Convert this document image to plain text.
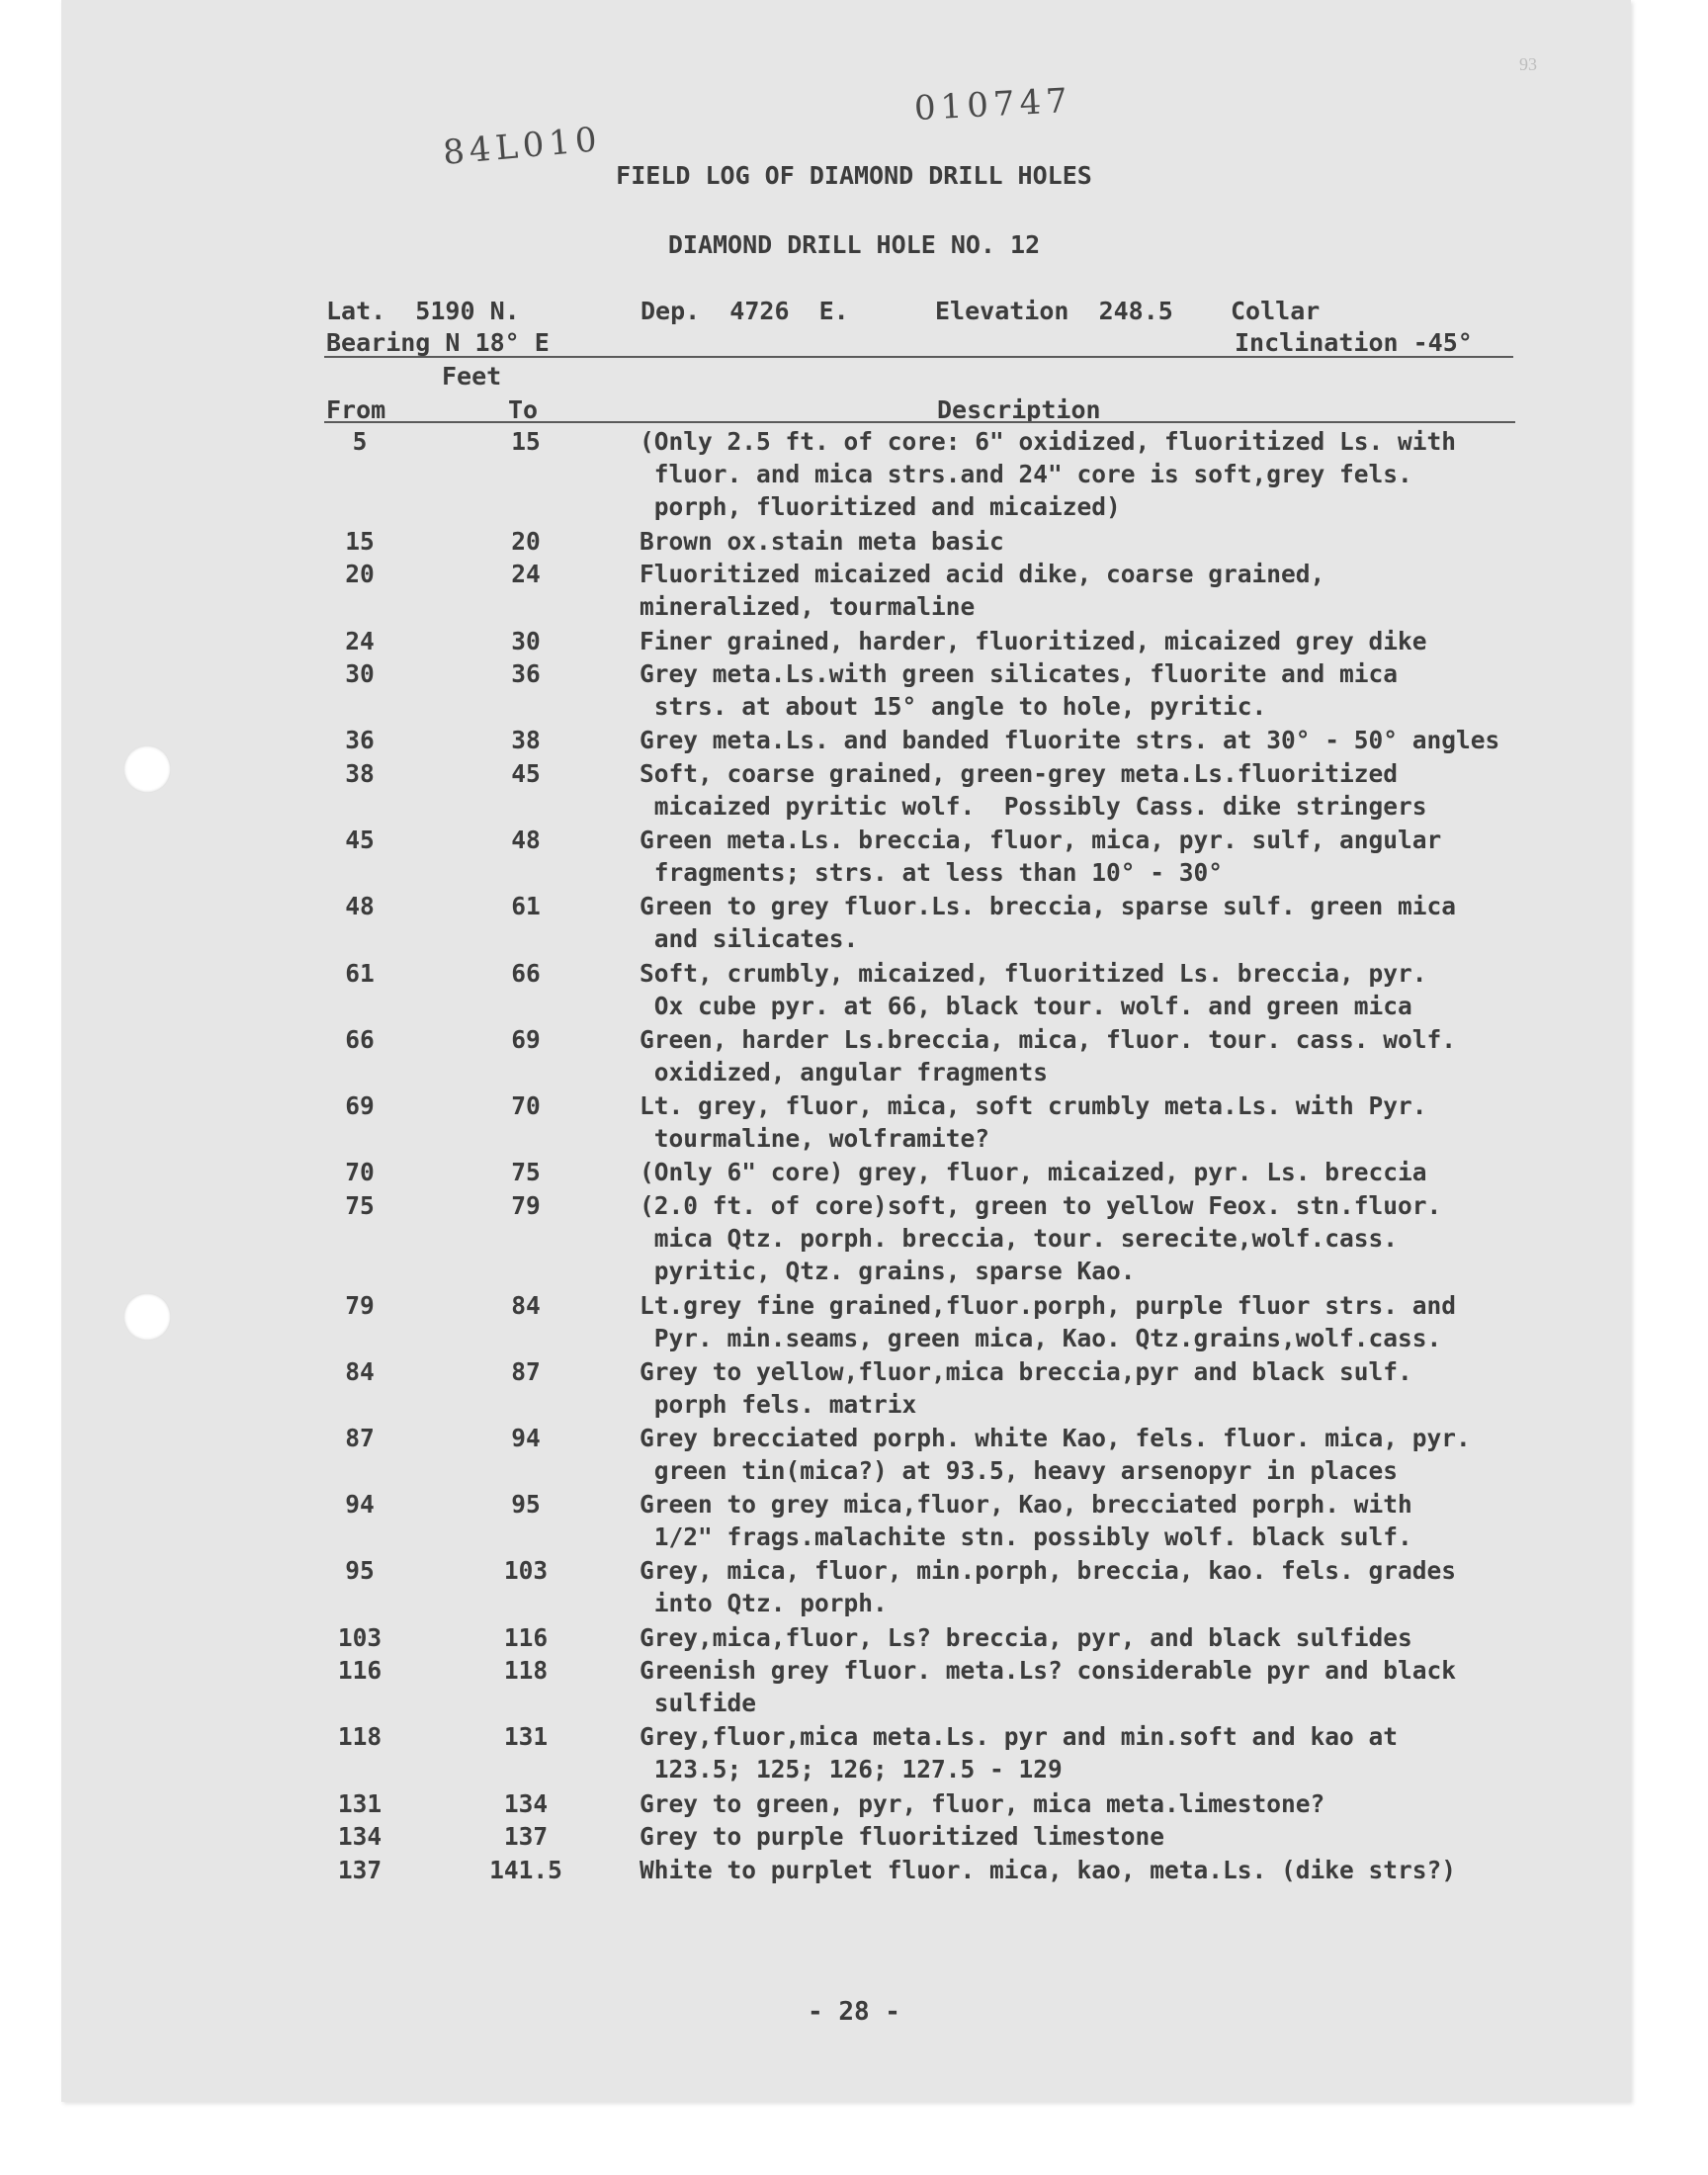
93
84L010
010747
FIELD LOG OF DIAMOND DRILL HOLES
DIAMOND DRILL HOLE NO. 12
Lat.  5190 N.	Dep.  4726  E.	Elevation  248.5 Collar
Bearing N 18° E	Inclination -45°
Feet
From	To	Description
5	15	(Only 2.5 ft. of core: 6" oxidized, fluoritized Ls. with
fluor. and mica strs.and 24" core is soft,grey fels.
porph, fluoritized and micaized)
15	20	Brown ox.stain meta basic
20	24	Fluoritized micaized acid dike, coarse grained,
mineralized, tourmaline
24	30	Finer grained, harder, fluoritized, micaized grey dike
30	36	Grey meta.Ls.with green silicates, fluorite and mica
strs. at about 15° angle to hole, pyritic.
36	38	Grey meta.Ls. and banded fluorite strs. at 30° - 50° angles
38	45	Soft, coarse grained, green-grey meta.Ls.fluoritized
micaized pyritic wolf.  Possibly Cass. dike stringers
45	48	Green meta.Ls. breccia, fluor, mica, pyr. sulf, angular
fragments; strs. at less than 10° - 30°
48	61	Green to grey fluor.Ls. breccia, sparse sulf. green mica
and silicates.
61	66	Soft, crumbly, micaized, fluoritized Ls. breccia, pyr.
Ox cube pyr. at 66, black tour. wolf. and green mica
66	69	Green, harder Ls.breccia, mica, fluor. tour. cass. wolf.
oxidized, angular fragments
69	70	Lt. grey, fluor, mica, soft crumbly meta.Ls. with Pyr.
tourmaline, wolframite?
70	75	(Only 6" core) grey, fluor, micaized, pyr. Ls. breccia
75	79	(2.0 ft. of core)soft, green to yellow Feox. stn.fluor.
mica Qtz. porph. breccia, tour. serecite,wolf.cass.
pyritic, Qtz. grains, sparse Kao.
79	84	Lt.grey fine grained,fluor.porph, purple fluor strs. and
Pyr. min.seams, green mica, Kao. Qtz.grains,wolf.cass.
84	87	Grey to yellow,fluor,mica breccia,pyr and black sulf.
porph fels. matrix
87	94	Grey brecciated porph. white Kao, fels. fluor. mica, pyr.
green tin(mica?) at 93.5, heavy arsenopyr in places
94	95	Green to grey mica,fluor, Kao, brecciated porph. with
1/2" frags.malachite stn. possibly wolf. black sulf.
95	103	Grey, mica, fluor, min.porph, breccia, kao. fels. grades
into Qtz. porph.
103	116	Grey,mica,fluor, Ls? breccia, pyr, and black sulfides
116	118	Greenish grey fluor. meta.Ls? considerable pyr and black
sulfide
118	131	Grey,fluor,mica meta.Ls. pyr and min.soft and kao at
123.5; 125; 126; 127.5 - 129
131	134	Grey to green, pyr, fluor, mica meta.limestone?
134	137	Grey to purple fluoritized limestone
137	141.5	White to purplet fluor. mica, kao, meta.Ls. (dike strs?)
- 28 -
